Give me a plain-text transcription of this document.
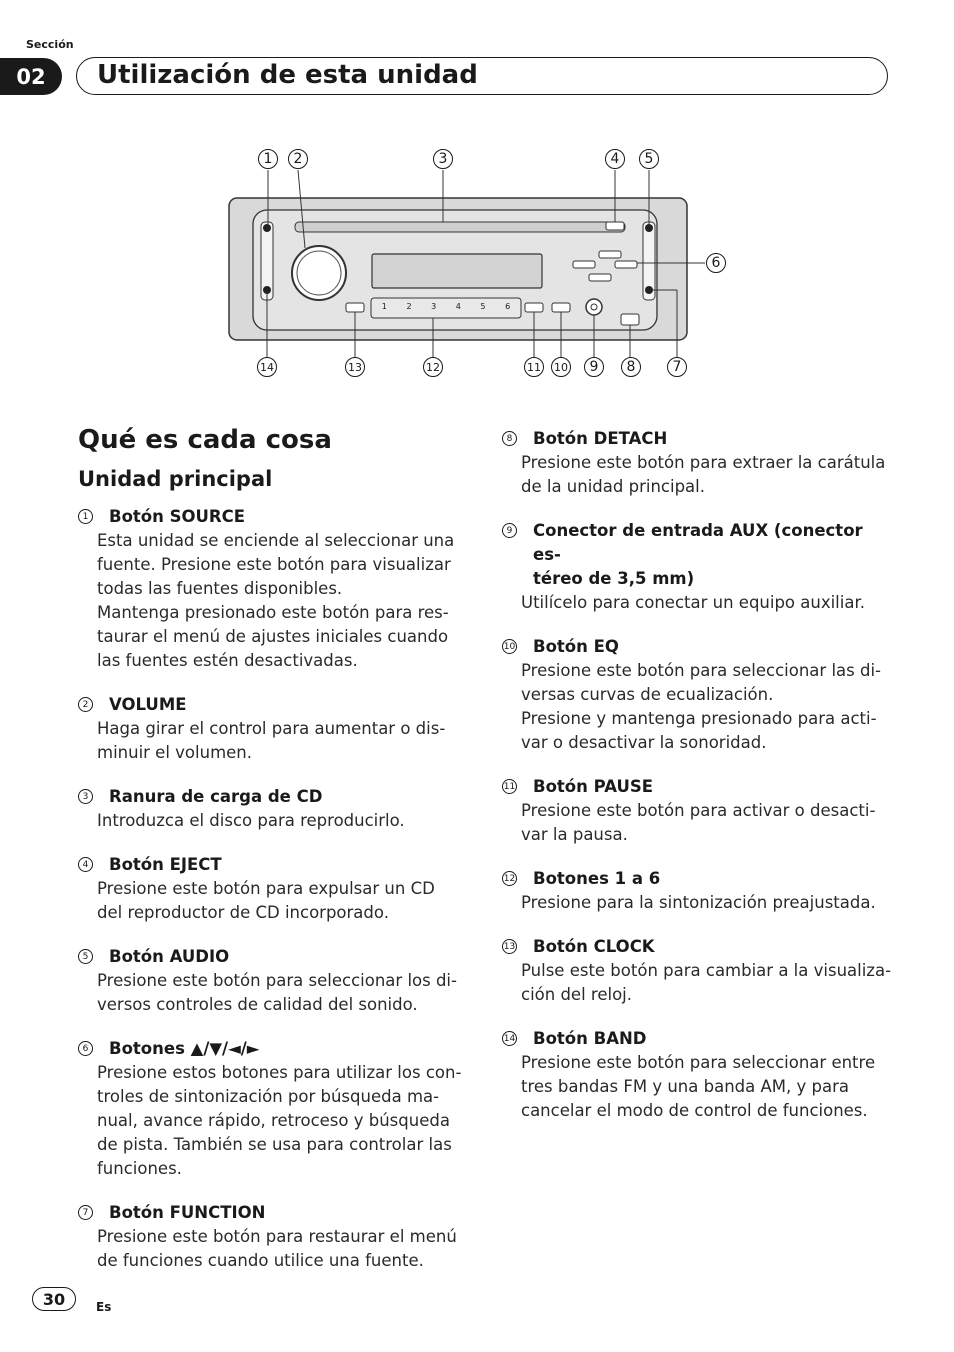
Sección
02	Utilización de esta unidad
1 2 3 4 5 6
1	2	3	4	5
6
7
8
9
10
11
12
13
14
Qué es cada cosa
Unidad principal
1 Botón SOURCE
Esta unidad se enciende al seleccionar una
fuente. Presione este botón para visualizar
todas las fuentes disponibles.
Mantenga presionado este botón para res-
taurar el menú de ajustes iniciales cuando
las fuentes estén desactivadas.
2 VOLUME
Haga girar el control para aumentar o dis-
minuir el volumen.
3 Ranura de carga de CD
Introduzca el disco para reproducirlo.
4 Botón EJECT
Presione este botón para expulsar un CD
del reproductor de CD incorporado.
5 Botón AUDIO
Presione este botón para seleccionar los di-
versos controles de calidad del sonido.
6 Botones ▲/▼/◄/►
Presione estos botones para utilizar los con-
troles de sintonización por búsqueda ma-
nual, avance rápido, retroceso y búsqueda
de pista. También se usa para controlar las
funciones.
7 Botón FUNCTION
Presione este botón para restaurar el menú
de funciones cuando utilice una fuente.
8 Botón DETACH
Presione este botón para extraer la carátula
de la unidad principal.
9 Conector de entrada AUX (conector es-
téreo de 3,5 mm)
Utilícelo para conectar un equipo auxiliar.
10 Botón EQ
Presione este botón para seleccionar las di-
versas curvas de ecualización.
Presione y mantenga presionado para acti-
var o desactivar la sonoridad.
11 Botón PAUSE
Presione este botón para activar o desacti-
var la pausa.
12 Botones 1 a 6
Presione para la sintonización preajustada.
13 Botón CLOCK
Pulse este botón para cambiar a la visualiza-
ción del reloj.
14 Botón BAND
Presione este botón para seleccionar entre
tres bandas FM y una banda AM, y para
cancelar el modo de control de funciones.
30	Es
